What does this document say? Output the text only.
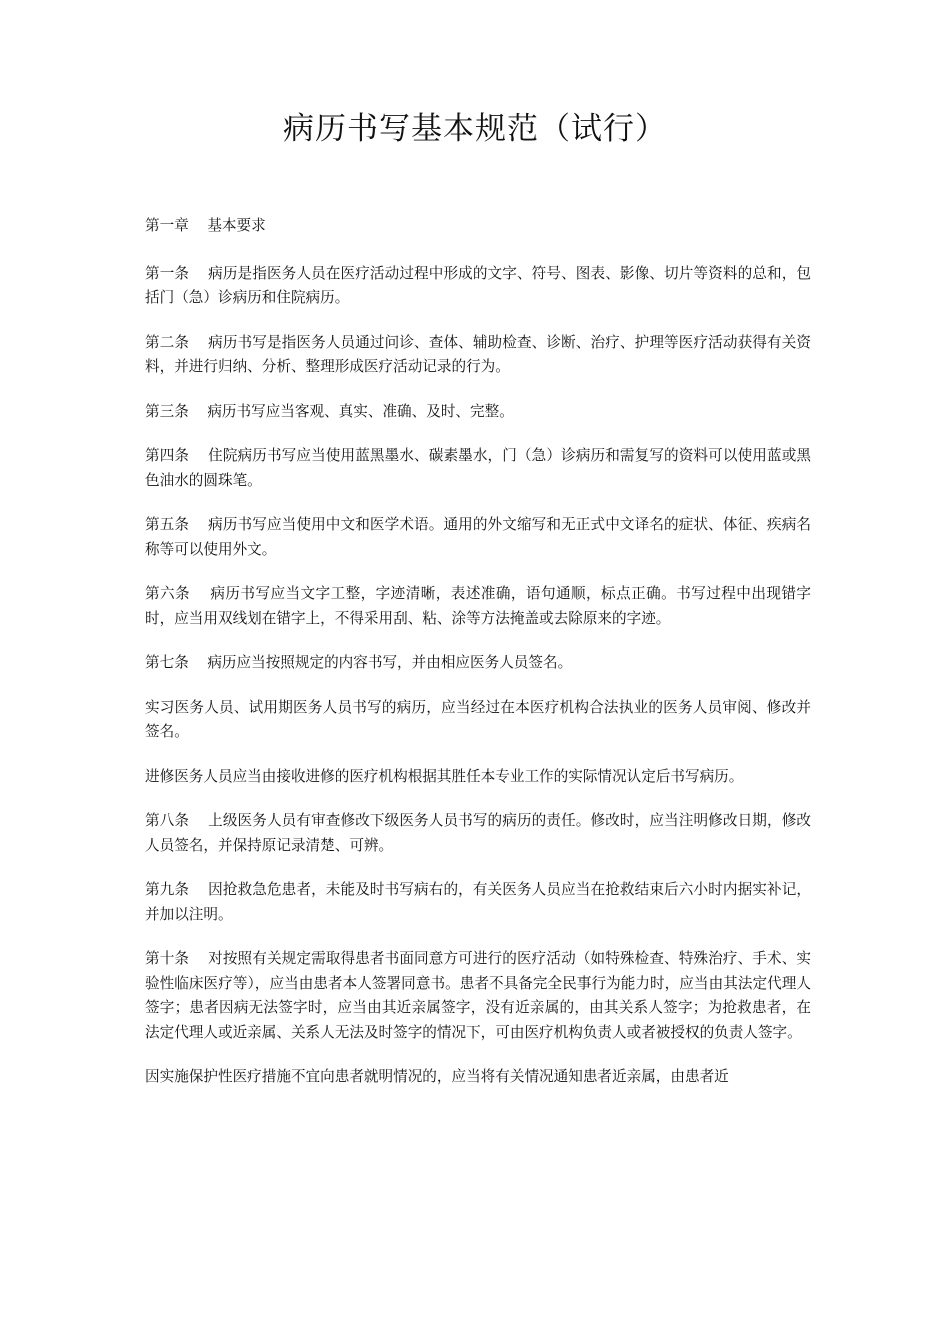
病历书写基本规范（试行）

第一章    基本要求

第一条    病历是指医务人员在医疗活动过程中形成的文字、符号、图表、影像、切片等资料的总和，包括门（急）诊病历和住院病历。

第二条    病历书写是指医务人员通过问诊、查体、辅助检查、诊断、治疗、护理等医疗活动获得有关资料，并进行归纳、分析、整理形成医疗活动记录的行为。

第三条    病历书写应当客观、真实、准确、及时、完整。

第四条    住院病历书写应当使用蓝黑墨水、碳素墨水，门（急）诊病历和需复写的资料可以使用蓝或黑色油水的圆珠笔。

第五条    病历书写应当使用中文和医学术语。通用的外文缩写和无正式中文译名的症状、体征、疾病名称等可以使用外文。

第六条    病历书写应当文字工整，字迹清晰，表述准确，语句通顺，标点正确。书写过程中出现错字时，应当用双线划在错字上，不得采用刮、粘、涂等方法掩盖或去除原来的字迹。

第七条    病历应当按照规定的内容书写，并由相应医务人员签名。

实习医务人员、试用期医务人员书写的病历，应当经过在本医疗机构合法执业的医务人员审阅、修改并签名。

进修医务人员应当由接收进修的医疗机构根据其胜任本专业工作的实际情况认定后书写病历。

第八条    上级医务人员有审查修改下级医务人员书写的病历的责任。修改时，应当注明修改日期，修改人员签名，并保持原记录清楚、可辨。

第九条    因抢救急危患者，未能及时书写病右的，有关医务人员应当在抢救结束后六小时内据实补记，并加以注明。

第十条    对按照有关规定需取得患者书面同意方可进行的医疗活动（如特殊检查、特殊治疗、手术、实验性临床医疗等），应当由患者本人签署同意书。患者不具备完全民事行为能力时，应当由其法定代理人签字；患者因病无法签字时，应当由其近亲属签字，没有近亲属的，由其关系人签字；为抢救患者，在法定代理人或近亲属、关系人无法及时签字的情况下，可由医疗机构负责人或者被授权的负责人签字。

因实施保护性医疗措施不宜向患者就明情况的，应当将有关情况通知患者近亲属，由患者近
